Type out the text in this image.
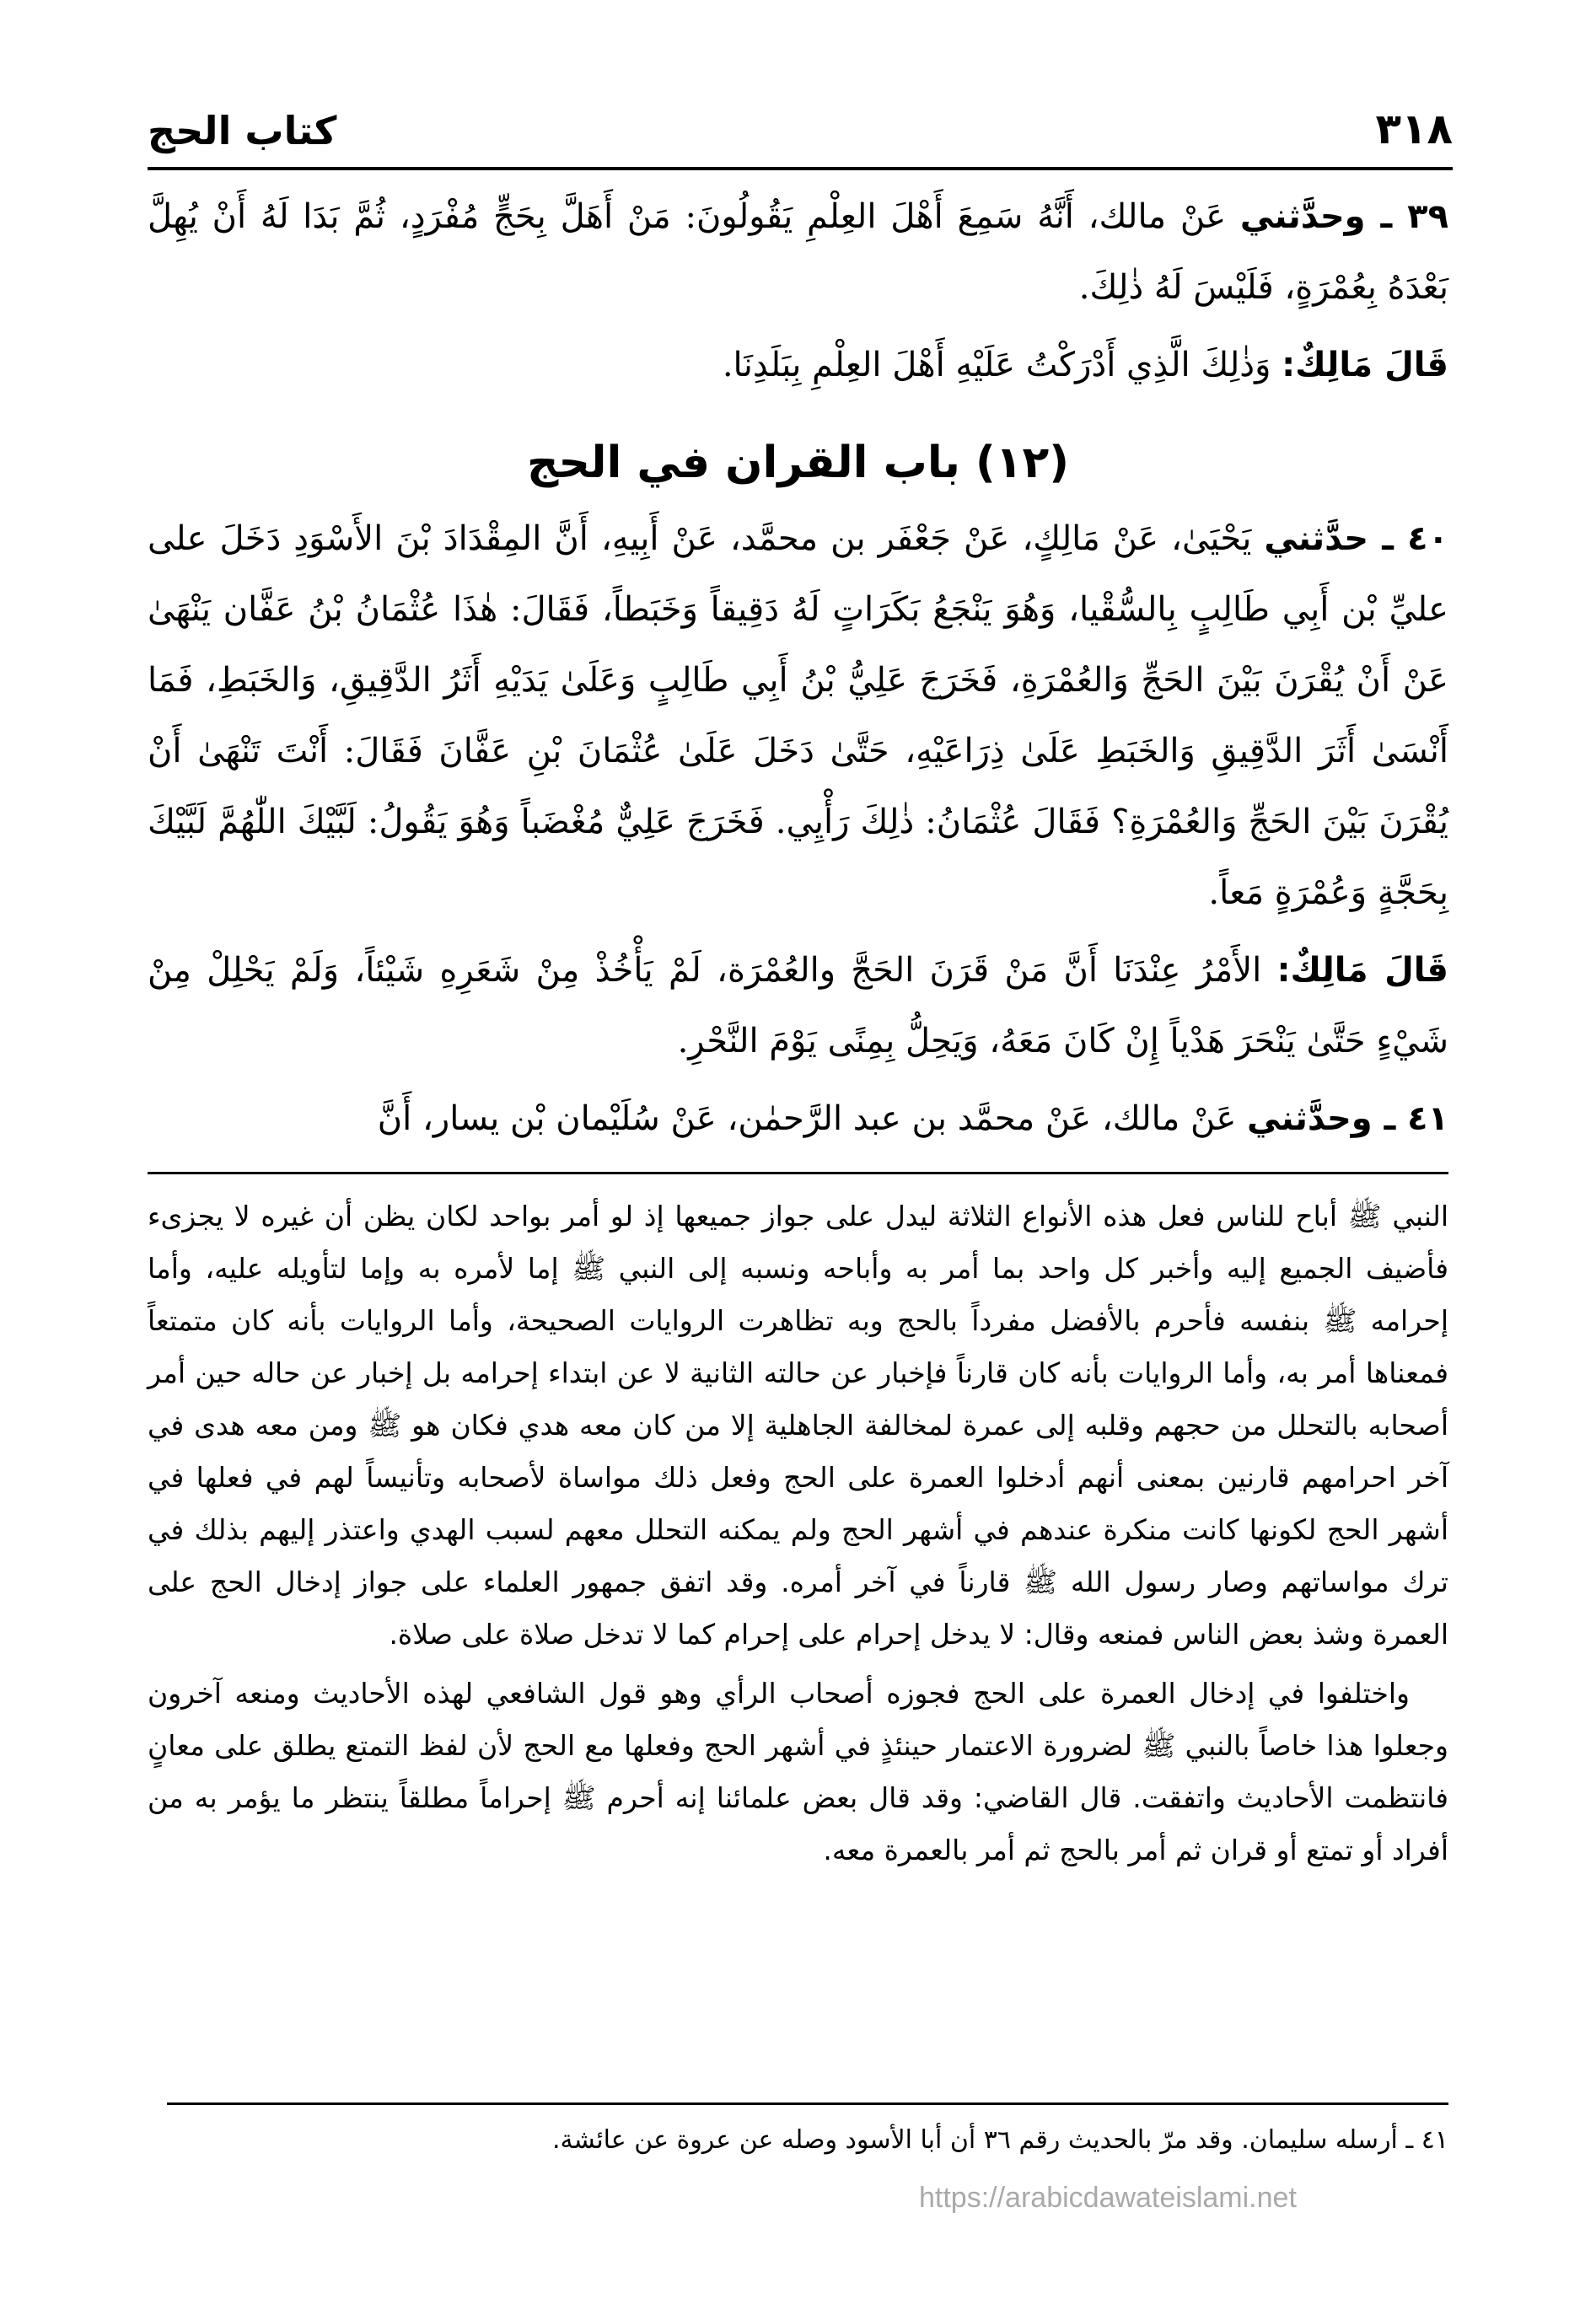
٣١٨
كتاب الحج

٣٩ ـ وحدَّثني عَنْ مالك، أَنَّهُ سَمِعَ أَهْلَ العِلْمِ يَقُولُونَ: مَنْ أَهَلَّ بِحَجٍّ مُفْرَدٍ، ثُمَّ بَدَا لَهُ أَنْ يُهِلَّ بَعْدَهُ بِعُمْرَةٍ، فَلَيْسَ لَهُ ذٰلِكَ.

قَالَ مَالِكٌ: وَذٰلِكَ الَّذِي أَدْرَكْتُ عَلَيْهِ أَهْلَ العِلْمِ بِبَلَدِنَا.

(١٢) باب القران في الحج

٤٠ ـ حدَّثني يَحْيَىٰ، عَنْ مَالِكٍ، عَنْ جَعْفَر بن محمَّد، عَنْ أَبِيهِ، أَنَّ المِقْدَادَ بْنَ الأَسْوَدِ دَخَلَ على عليِّ بْن أَبِي طَالِبٍ بِالسُّقْيا، وَهُوَ يَنْجَعُ بَكَرَاتٍ لَهُ دَقِيقاً وَخَبَطاً، فَقَالَ: هٰذَا عُثْمَانُ بْنُ عَفَّان يَنْهَىٰ عَنْ أَنْ يُقْرَنَ بَيْنَ الحَجِّ وَالعُمْرَةِ، فَخَرَجَ عَلِيُّ بْنُ أَبِي طَالِبٍ وَعَلَىٰ يَدَيْهِ أَثَرُ الدَّقِيقِ، وَالخَبَطِ، فَمَا أَنْسَىٰ أَثَرَ الدَّقِيقِ وَالخَبَطِ عَلَىٰ ذِرَاعَيْهِ، حَتَّىٰ دَخَلَ عَلَىٰ عُثْمَانَ بْنِ عَفَّانَ فَقَالَ: أَنْتَ تَنْهَىٰ أَنْ يُقْرَنَ بَيْنَ الحَجِّ وَالعُمْرَةِ؟ فَقَالَ عُثْمَانُ: ذٰلِكَ رَأْيِي. فَخَرَجَ عَلِيٌّ مُغْضَباً وَهُوَ يَقُولُ: لَبَّيْكَ اللّٰهُمَّ لَبَّيْكَ بِحَجَّةٍ وَعُمْرَةٍ مَعاً.

قَالَ مَالِكٌ: الأَمْرُ عِنْدَنَا أَنَّ مَنْ قَرَنَ الحَجَّ والعُمْرَة، لَمْ يَأْخُذْ مِنْ شَعَرِهِ شَيْئاً، وَلَمْ يَحْلِلْ مِنْ شَيْءٍ حَتَّىٰ يَنْحَرَ هَدْياً إِنْ كَانَ مَعَهُ، وَيَحِلُّ بِمِنًى يَوْمَ النَّحْرِ.

٤١ ـ وحدَّثني عَنْ مالك، عَنْ محمَّد بن عبد الرَّحمٰن، عَنْ سُلَيْمان بْن يسار، أَنَّ

النبي ﷺ أباح للناس فعل هذه الأنواع الثلاثة ليدل على جواز جميعها إذ لو أمر بواحد لكان يظن أن غيره لا يجزىء فأضيف الجميع إليه وأخبر كل واحد بما أمر به وأباحه ونسبه إلى النبي ﷺ إما لأمره به وإما لتأويله عليه، وأما إحرامه ﷺ بنفسه فأحرم بالأفضل مفرداً بالحج وبه تظاهرت الروايات الصحيحة، وأما الروايات بأنه كان متمتعاً فمعناها أمر به، وأما الروايات بأنه كان قارناً فإخبار عن حالته الثانية لا عن ابتداء إحرامه بل إخبار عن حاله حين أمر أصحابه بالتحلل من حجهم وقلبه إلى عمرة لمخالفة الجاهلية إلا من كان معه هدي فكان هو ﷺ ومن معه هدى في آخر احرامهم قارنين بمعنى أنهم أدخلوا العمرة على الحج وفعل ذلك مواساة لأصحابه وتأنيساً لهم في فعلها في أشهر الحج لكونها كانت منكرة عندهم في أشهر الحج ولم يمكنه التحلل معهم لسبب الهدي واعتذر إليهم بذلك في ترك مواساتهم وصار رسول الله ﷺ قارناً في آخر أمره. وقد اتفق جمهور العلماء على جواز إدخال الحج على العمرة وشذ بعض الناس فمنعه وقال: لا يدخل إحرام على إحرام كما لا تدخل صلاة على صلاة.

واختلفوا في إدخال العمرة على الحج فجوزه أصحاب الرأي وهو قول الشافعي لهذه الأحاديث ومنعه آخرون وجعلوا هذا خاصاً بالنبي ﷺ لضرورة الاعتمار حينئذٍ في أشهر الحج وفعلها مع الحج لأن لفظ التمتع يطلق على معانٍ فانتظمت الأحاديث واتفقت. قال القاضي: وقد قال بعض علمائنا إنه أحرم ﷺ إحراماً مطلقاً ينتظر ما يؤمر به من أفراد أو تمتع أو قران ثم أمر بالحج ثم أمر بالعمرة معه.

٤١ ـ أرسله سليمان. وقد مرّ بالحديث رقم ٣٦ أن أبا الأسود وصله عن عروة عن عائشة.
https://arabicdawateislami.net
